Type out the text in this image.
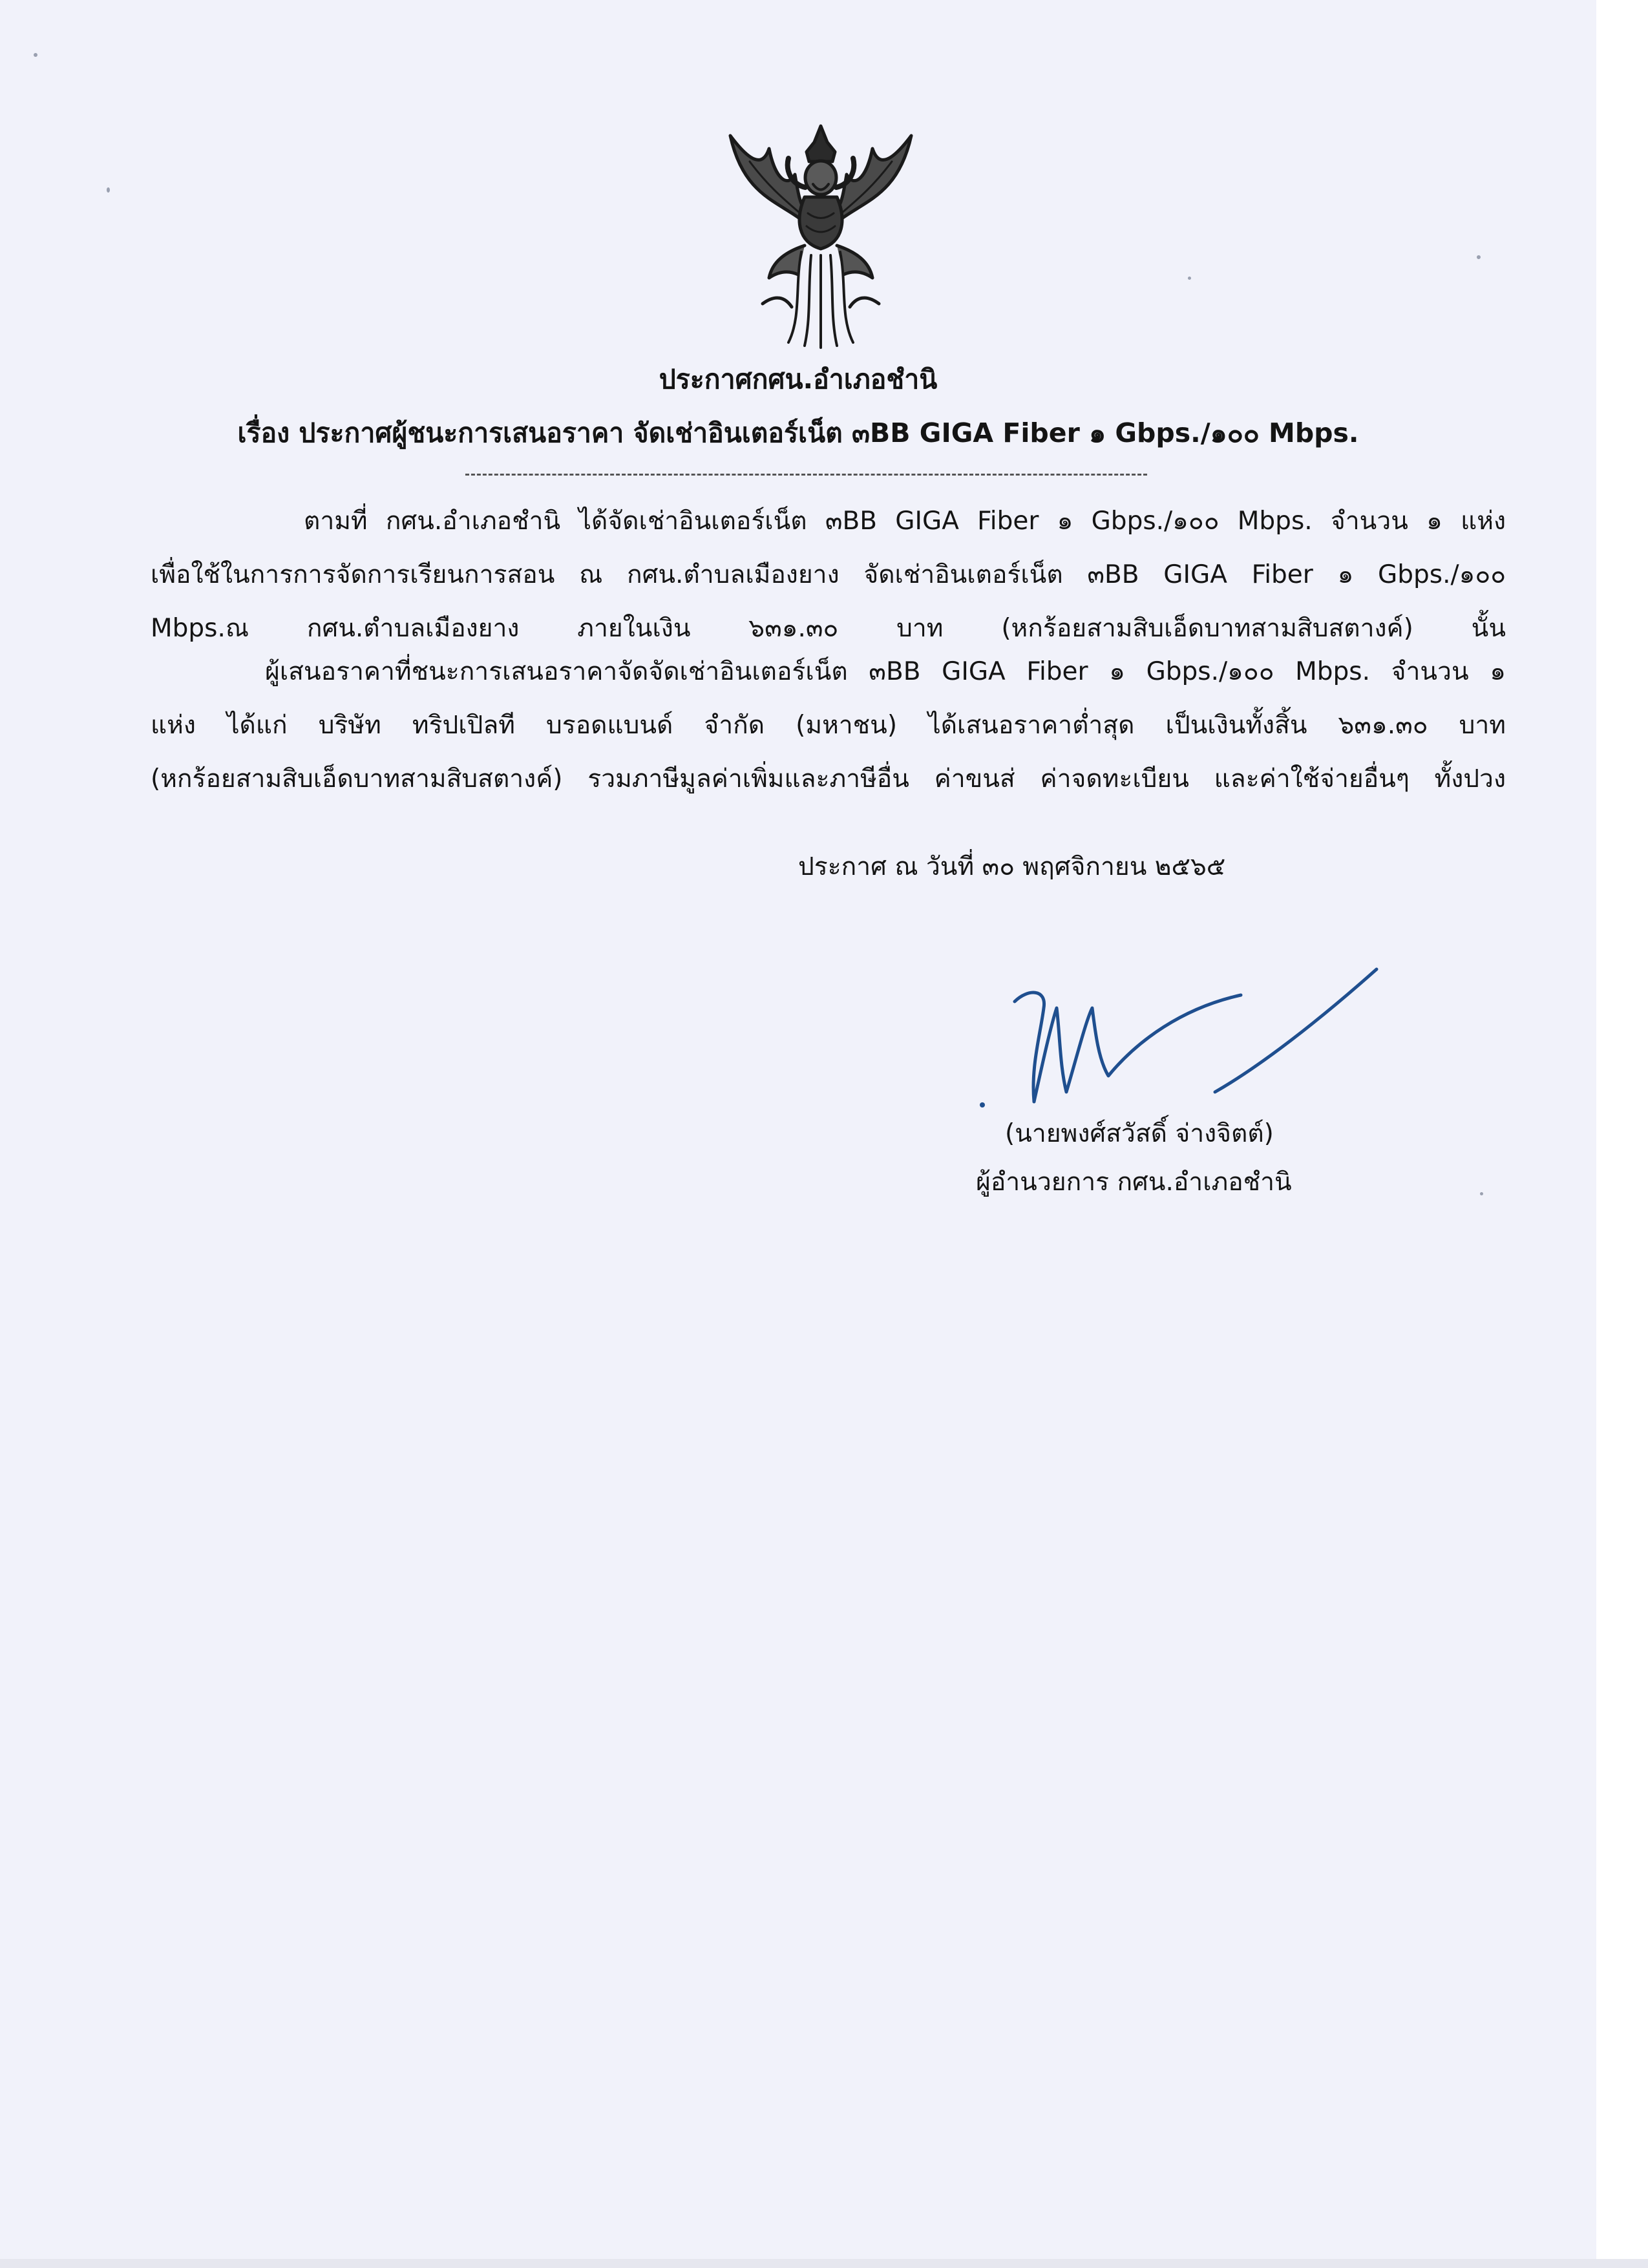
ประกาศกศน.อำเภอชำนิ
เรื่อง ประกาศผู้ชนะการเสนอราคา จัดเช่าอินเตอร์เน็ต ๓BB GIGA Fiber ๑ Gbps./๑๐๐ Mbps.
ตามที่ กศน.อำเภอชำนิ ได้จัดเช่าอินเตอร์เน็ต ๓BB GIGA Fiber ๑ Gbps./๑๐๐ Mbps. จำนวน ๑ แห่ง
เพื่อใช้ในการการจัดการเรียนการสอน ณ กศน.ตำบลเมืองยาง จัดเช่าอินเตอร์เน็ต ๓BB GIGA Fiber ๑ Gbps./๑๐๐
Mbps.ณ กศน.ตำบลเมืองยาง ภายในเงิน ๖๓๑.๓๐ บาท (หกร้อยสามสิบเอ็ดบาทสามสิบสตางค์) นั้น
ผู้เสนอราคาที่ชนะการเสนอราคาจัดจัดเช่าอินเตอร์เน็ต ๓BB GIGA Fiber ๑ Gbps./๑๐๐ Mbps. จำนวน ๑
แห่ง ได้แก่ บริษัท ทริปเปิลที บรอดแบนด์ จำกัด (มหาชน) ได้เสนอราคาต่ำสุด เป็นเงินทั้งสิ้น ๖๓๑.๓๐ บาท
(หกร้อยสามสิบเอ็ดบาทสามสิบสตางค์) รวมภาษีมูลค่าเพิ่มและภาษีอื่น ค่าขนส่ ค่าจดทะเบียน และค่าใช้จ่ายอื่นๆ ทั้งปวง
ประกาศ ณ วันที่ ๓๐ พฤศจิกายน ๒๕๖๕
(นายพงศ์สวัสดิ์ จ่างจิตต์)
ผู้อำนวยการ กศน.อำเภอชำนิ
